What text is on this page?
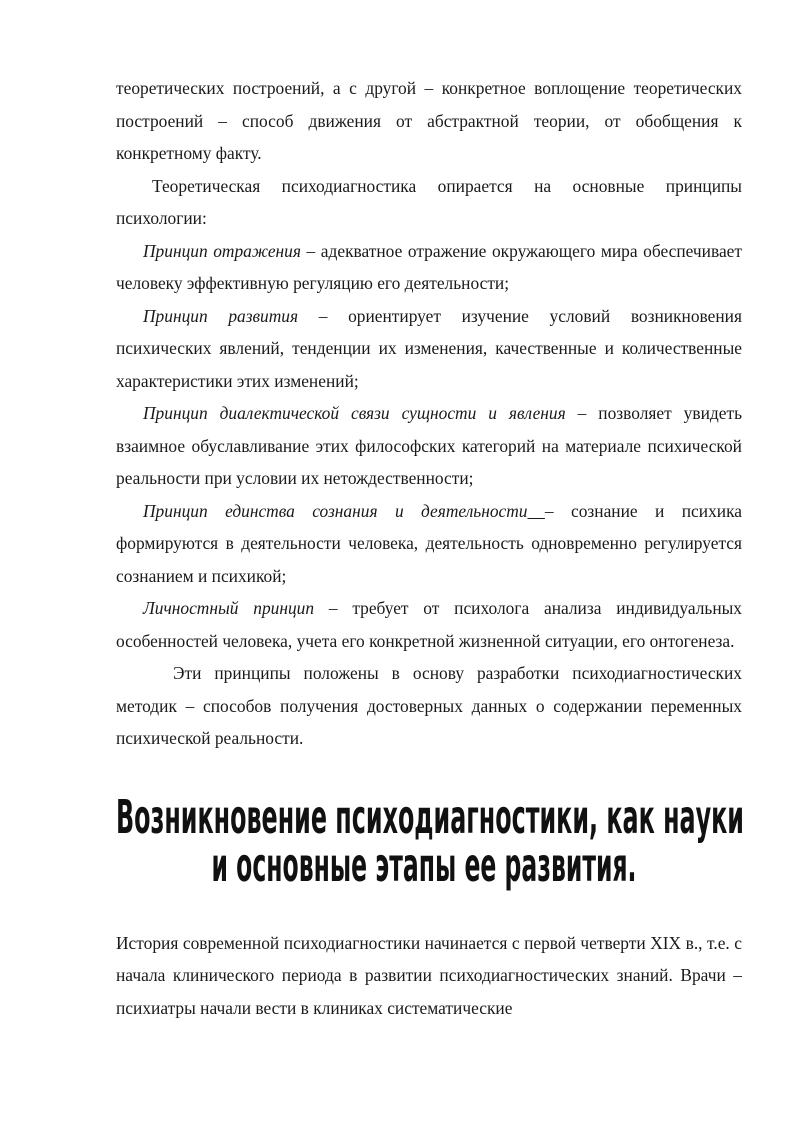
теоретических построений, а с другой – конкретное воплощение теоретических построений – способ движения от абстрактной теории, от обобщения к конкретному факту.

Теоретическая психодиагностика опирается на основные принципы психологии:

Принцип отражения – адекватное отражение окружающего мира обеспечивает человеку эффективную регуляцию его деятельности;

Принцип развития – ориентирует изучение условий возникновения психических явлений, тенденции их изменения, качественные и количественные характеристики этих изменений;

Принцип диалектической связи сущности и явления – позволяет увидеть взаимное обуславливание этих философских категорий на материале психической реальности при условии их нетождественности;

Принцип единства сознания и деятельности – сознание и психика формируются в деятельности человека, деятельность одновременно регулируется сознанием и психикой;

Личностный принцип – требует от психолога анализа индивидуальных особенностей человека, учета его конкретной жизненной ситуации, его онтогенеза.

Эти принципы положены в основу разработки психодиагностических методик – способов получения достоверных данных о содержании переменных психической реальности.

Возникновение психодиагностики, как науки
и основные этапы ее развития.

История современной психодиагностики начинается с первой четверти XIX в., т.е. с начала клинического периода в развитии психодиагностических знаний. Врачи – психиатры начали вести в клиниках систематические
